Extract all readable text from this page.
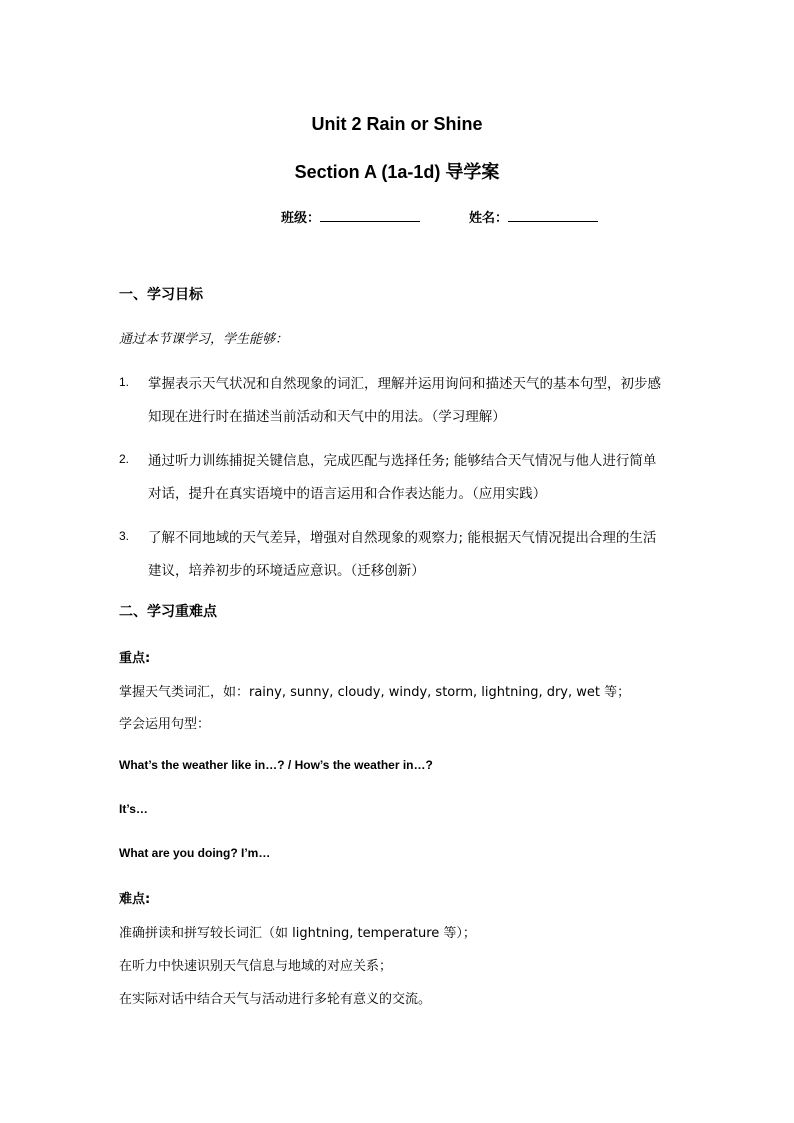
Unit 2 Rain or Shine
Section A (1a-1d) 导学案
班级：	姓名：
一、学习目标
通过本节课学习，学生能够：
1. 掌握表示天气状况和自然现象的词汇，理解并运用询问和描述天气的基本句型，初步感
知现在进行时在描述当前活动和天气中的用法。（学习理解）
2. 通过听力训练捕捉关键信息，完成匹配与选择任务; 能够结合天气情况与他人进行简单
对话，提升在真实语境中的语言运用和合作表达能力。（应用实践）
3. 了解不同地域的天气差异，增强对自然现象的观察力; 能根据天气情况提出合理的生活
建议，培养初步的环境适应意识。（迁移创新）
二、学习重难点
重点:
掌握天气类词汇，如：rainy, sunny, cloudy, windy, storm, lightning, dry, wet 等；
学会运用句型：
What’s the weather like in…? / How’s the weather in…?
It’s…
What are you doing? I’m…
难点:
准确拼读和拼写较长词汇（如 lightning, temperature 等）；
在听力中快速识别天气信息与地域的对应关系；
在实际对话中结合天气与活动进行多轮有意义的交流。
